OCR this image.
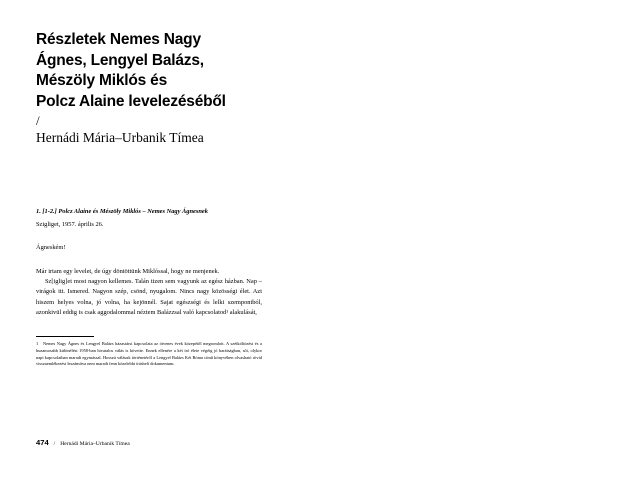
Részletek Nemes Nagy
Ágnes, Lengyel Balázs,
Mészöly Miklós és
Polcz Alaine levelezéséből
/
Hernádi Mária–Urbanik Tímea
1. [1-2.] Polcz Alaine és Mészöly Miklós – Nemes Nagy Ágnesnek
Szigliget, 1957. április 26.
Ágneském!

Már irtam egy levelet, de úgy döntöttünk Miklóssal, hogy ne menjenek.

Sz[iglig]et most nagyon kellemes. Talán tizen sem vagyunk az egész házban. Nap – virágok itt. Ismered. Nagyon szép, csönd, nyugalom. Nincs nagy közösségi élet. Azt hiszem helyes volna, jó volna, ha kejönnél. Sajat egészségi és lelki szempontból, azonkivül eddig is csak aggodalommal néztem Balázzsal való kapcsolatod¹ alakulását,

1 Nemes Nagy Ágnes és Lengyel Balázs házastársi kapcsolata az ötvenes évek közepétől megromlott. A szétköltözést és a huzamosabb különélést 1958-ban hivatalos válás is követte. Ennek ellenére a két író élete végéig jó barátságban, sőt, olykor napi kapcsolatban maradt egymással. Hosszú válásuk történetéről a Lengyel Balázs Két Róma című könyvében olvasható rövid visszaemlékezést leszámítva nem maradt fenn közelebbi írásbeli dokumentum.
474 / Hernádi Mária–Urbanik Tímea
